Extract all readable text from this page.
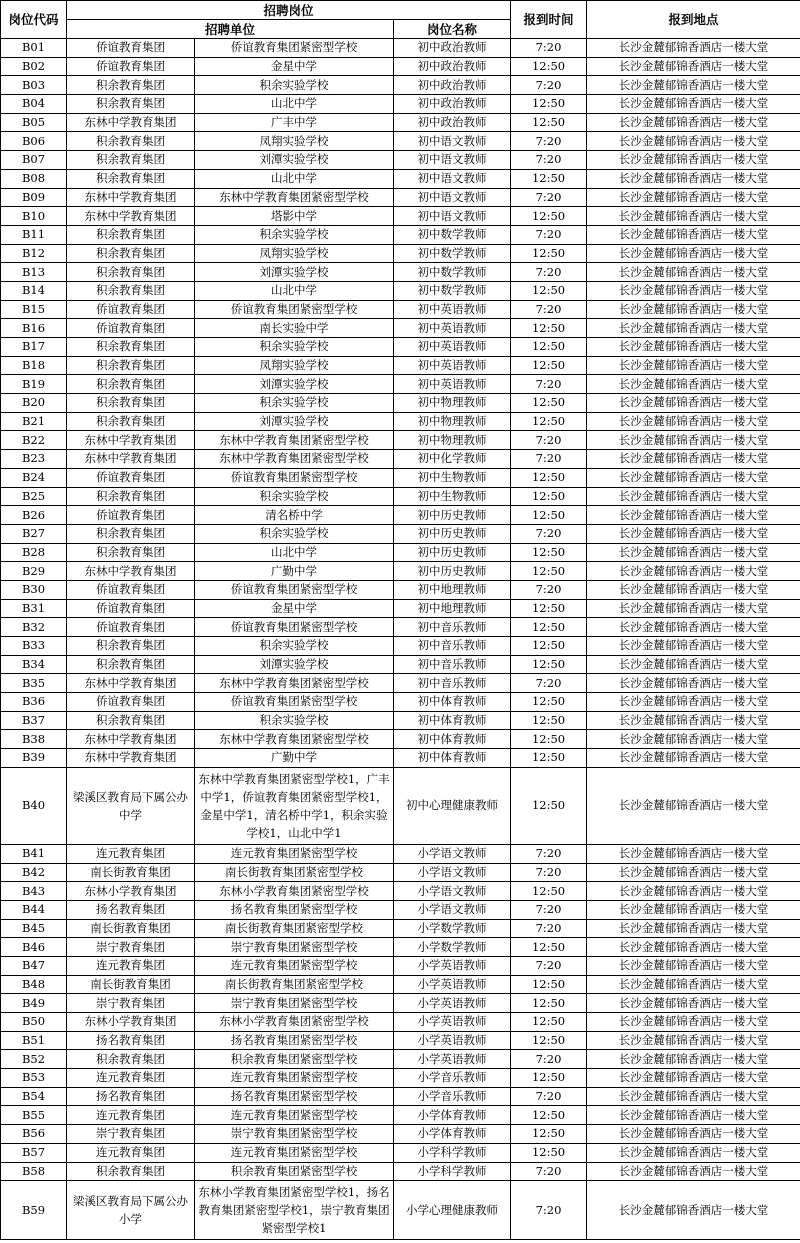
岗位代码	招聘岗位			报到时间	报到地点
	招聘单位		岗位名称		
B01	侨谊教育集团	侨谊教育集团紧密型学校	初中政治教师	7:20	长沙金麓郁锦香酒店一楼大堂
B02	侨谊教育集团	金星中学	初中政治教师	12:50	长沙金麓郁锦香酒店一楼大堂
B03	积余教育集团	积余实验学校	初中政治教师	7:20	长沙金麓郁锦香酒店一楼大堂
B04	积余教育集团	山北中学	初中政治教师	12:50	长沙金麓郁锦香酒店一楼大堂
B05	东林中学教育集团	广丰中学	初中政治教师	12:50	长沙金麓郁锦香酒店一楼大堂
B06	积余教育集团	凤翔实验学校	初中语文教师	7:20	长沙金麓郁锦香酒店一楼大堂
B07	积余教育集团	刘潭实验学校	初中语文教师	7:20	长沙金麓郁锦香酒店一楼大堂
B08	积余教育集团	山北中学	初中语文教师	12:50	长沙金麓郁锦香酒店一楼大堂
B09	东林中学教育集团	东林中学教育集团紧密型学校	初中语文教师	7:20	长沙金麓郁锦香酒店一楼大堂
B10	东林中学教育集团	塔影中学	初中语文教师	12:50	长沙金麓郁锦香酒店一楼大堂
B11	积余教育集团	积余实验学校	初中数学教师	7:20	长沙金麓郁锦香酒店一楼大堂
B12	积余教育集团	凤翔实验学校	初中数学教师	12:50	长沙金麓郁锦香酒店一楼大堂
B13	积余教育集团	刘潭实验学校	初中数学教师	7:20	长沙金麓郁锦香酒店一楼大堂
B14	积余教育集团	山北中学	初中数学教师	12:50	长沙金麓郁锦香酒店一楼大堂
B15	侨谊教育集团	侨谊教育集团紧密型学校	初中英语教师	7:20	长沙金麓郁锦香酒店一楼大堂
B16	侨谊教育集团	南长实验中学	初中英语教师	12:50	长沙金麓郁锦香酒店一楼大堂
B17	积余教育集团	积余实验学校	初中英语教师	12:50	长沙金麓郁锦香酒店一楼大堂
B18	积余教育集团	凤翔实验学校	初中英语教师	12:50	长沙金麓郁锦香酒店一楼大堂
B19	积余教育集团	刘潭实验学校	初中英语教师	7:20	长沙金麓郁锦香酒店一楼大堂
B20	积余教育集团	积余实验学校	初中物理教师	12:50	长沙金麓郁锦香酒店一楼大堂
B21	积余教育集团	刘潭实验学校	初中物理教师	12:50	长沙金麓郁锦香酒店一楼大堂
B22	东林中学教育集团	东林中学教育集团紧密型学校	初中物理教师	7:20	长沙金麓郁锦香酒店一楼大堂
B23	东林中学教育集团	东林中学教育集团紧密型学校	初中化学教师	7:20	长沙金麓郁锦香酒店一楼大堂
B24	侨谊教育集团	侨谊教育集团紧密型学校	初中生物教师	12:50	长沙金麓郁锦香酒店一楼大堂
B25	积余教育集团	积余实验学校	初中生物教师	12:50	长沙金麓郁锦香酒店一楼大堂
B26	侨谊教育集团	清名桥中学	初中历史教师	12:50	长沙金麓郁锦香酒店一楼大堂
B27	积余教育集团	积余实验学校	初中历史教师	7:20	长沙金麓郁锦香酒店一楼大堂
B28	积余教育集团	山北中学	初中历史教师	12:50	长沙金麓郁锦香酒店一楼大堂
B29	东林中学教育集团	广勤中学	初中历史教师	12:50	长沙金麓郁锦香酒店一楼大堂
B30	侨谊教育集团	侨谊教育集团紧密型学校	初中地理教师	7:20	长沙金麓郁锦香酒店一楼大堂
B31	侨谊教育集团	金星中学	初中地理教师	12:50	长沙金麓郁锦香酒店一楼大堂
B32	侨谊教育集团	侨谊教育集团紧密型学校	初中音乐教师	12:50	长沙金麓郁锦香酒店一楼大堂
B33	积余教育集团	积余实验学校	初中音乐教师	12:50	长沙金麓郁锦香酒店一楼大堂
B34	积余教育集团	刘潭实验学校	初中音乐教师	12:50	长沙金麓郁锦香酒店一楼大堂
B35	东林中学教育集团	东林中学教育集团紧密型学校	初中音乐教师	7:20	长沙金麓郁锦香酒店一楼大堂
B36	侨谊教育集团	侨谊教育集团紧密型学校	初中体育教师	12:50	长沙金麓郁锦香酒店一楼大堂
B37	积余教育集团	积余实验学校	初中体育教师	12:50	长沙金麓郁锦香酒店一楼大堂
B38	东林中学教育集团	东林中学教育集团紧密型学校	初中体育教师	12:50	长沙金麓郁锦香酒店一楼大堂
B39	东林中学教育集团	广勤中学	初中体育教师	12:50	长沙金麓郁锦香酒店一楼大堂
B40	梁溪区教育局下属公办中学	东林中学教育集团紧密型学校1，广丰中学1，侨谊教育集团紧密型学校1，金星中学1，清名桥中学1，积余实验学校1，山北中学1	初中心理健康教师	12:50	长沙金麓郁锦香酒店一楼大堂
B41	连元教育集团	连元教育集团紧密型学校	小学语文教师	7:20	长沙金麓郁锦香酒店一楼大堂
B42	南长街教育集团	南长街教育集团紧密型学校	小学语文教师	7:20	长沙金麓郁锦香酒店一楼大堂
B43	东林小学教育集团	东林小学教育集团紧密型学校	小学语文教师	12:50	长沙金麓郁锦香酒店一楼大堂
B44	扬名教育集团	扬名教育集团紧密型学校	小学语文教师	7:20	长沙金麓郁锦香酒店一楼大堂
B45	南长街教育集团	南长街教育集团紧密型学校	小学数学教师	7:20	长沙金麓郁锦香酒店一楼大堂
B46	崇宁教育集团	崇宁教育集团紧密型学校	小学数学教师	12:50	长沙金麓郁锦香酒店一楼大堂
B47	连元教育集团	连元教育集团紧密型学校	小学英语教师	7:20	长沙金麓郁锦香酒店一楼大堂
B48	南长街教育集团	南长街教育集团紧密型学校	小学英语教师	12:50	长沙金麓郁锦香酒店一楼大堂
B49	崇宁教育集团	崇宁教育集团紧密型学校	小学英语教师	12:50	长沙金麓郁锦香酒店一楼大堂
B50	东林小学教育集团	东林小学教育集团紧密型学校	小学英语教师	12:50	长沙金麓郁锦香酒店一楼大堂
B51	扬名教育集团	扬名教育集团紧密型学校	小学英语教师	12:50	长沙金麓郁锦香酒店一楼大堂
B52	积余教育集团	积余教育集团紧密型学校	小学英语教师	7:20	长沙金麓郁锦香酒店一楼大堂
B53	连元教育集团	连元教育集团紧密型学校	小学音乐教师	12:50	长沙金麓郁锦香酒店一楼大堂
B54	扬名教育集团	扬名教育集团紧密型学校	小学音乐教师	7:20	长沙金麓郁锦香酒店一楼大堂
B55	连元教育集团	连元教育集团紧密型学校	小学体育教师	12:50	长沙金麓郁锦香酒店一楼大堂
B56	崇宁教育集团	崇宁教育集团紧密型学校	小学体育教师	12:50	长沙金麓郁锦香酒店一楼大堂
B57	连元教育集团	连元教育集团紧密型学校	小学科学教师	12:50	长沙金麓郁锦香酒店一楼大堂
B58	积余教育集团	积余教育集团紧密型学校	小学科学教师	7:20	长沙金麓郁锦香酒店一楼大堂
B59	梁溪区教育局下属公办小学	东林小学教育集团紧密型学校1，扬名教育集团紧密型学校1，崇宁教育集团紧密型学校1	小学心理健康教师	7:20	长沙金麓郁锦香酒店一楼大堂
